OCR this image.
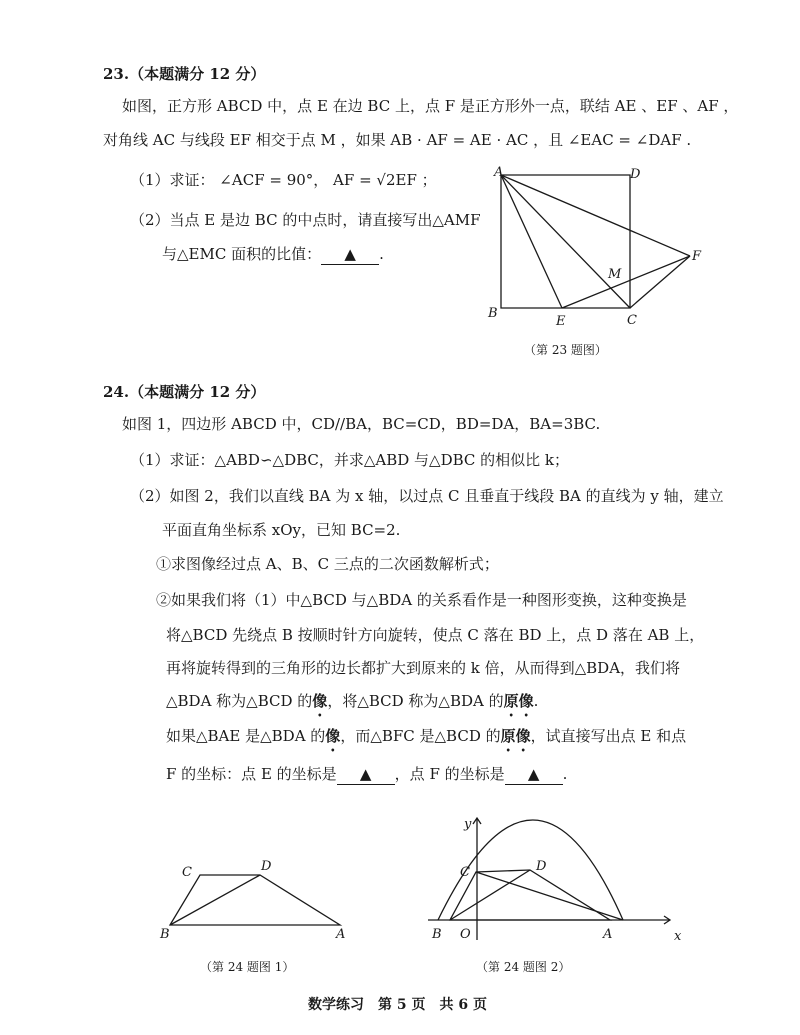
23.（本题满分 12 分）
如图，正方形 ABCD 中，点 E 在边 BC 上，点 F 是正方形外一点，联结 AE 、EF 、AF ，
对角线 AC 与线段 EF 相交于点 M ，如果 AB · AF = AE · AC ，且 ∠EAC = ∠DAF .
（1）求证： ∠ACF = 90°， AF = √2EF ；
（2）当点 E 是边 BC 的中点时，请直接写出△AMF
与△EMC 面积的比值： ▲ .
A	D
B
E	C
F
M
（第 23 题图）
24.（本题满分 12 分）
如图 1，四边形 ABCD 中，CD//BA，BC=CD，BD=DA，BA=3BC.
（1）求证：△ABD∽△DBC，并求△ABD 与△DBC 的相似比 k；
（2）如图 2，我们以直线 BA 为 x 轴，以过点 C 且垂直于线段 BA 的直线为 y 轴，建立
平面直角坐标系 xOy，已知 BC=2.
①求图像经过点 A、B、C 三点的二次函数解析式；
②如果我们将（1）中△BCD 与△BDA 的关系看作是一种图形变换，这种变换是
将△BCD 先绕点 B 按顺时针方向旋转，使点 C 落在 BD 上，点 D 落在 AB 上，
再将旋转得到的三角形的边长都扩大到原来的 k 倍，从而得到△BDA，我们将
△BDA 称为△BCD 的像，将△BCD 称为△BDA 的原像.
如果△BAE 是△BDA 的像，而△BFC 是△BCD 的原像，试直接写出点 E 和点
F 的坐标：点 E 的坐标是 ▲ ，点 F 的坐标是 ▲ .
B	A
C	D
（第 24 题图 1）
B O	A
C	D
x
y
（第 24 题图 2）
数学练习　第 5 页　共 6 页
